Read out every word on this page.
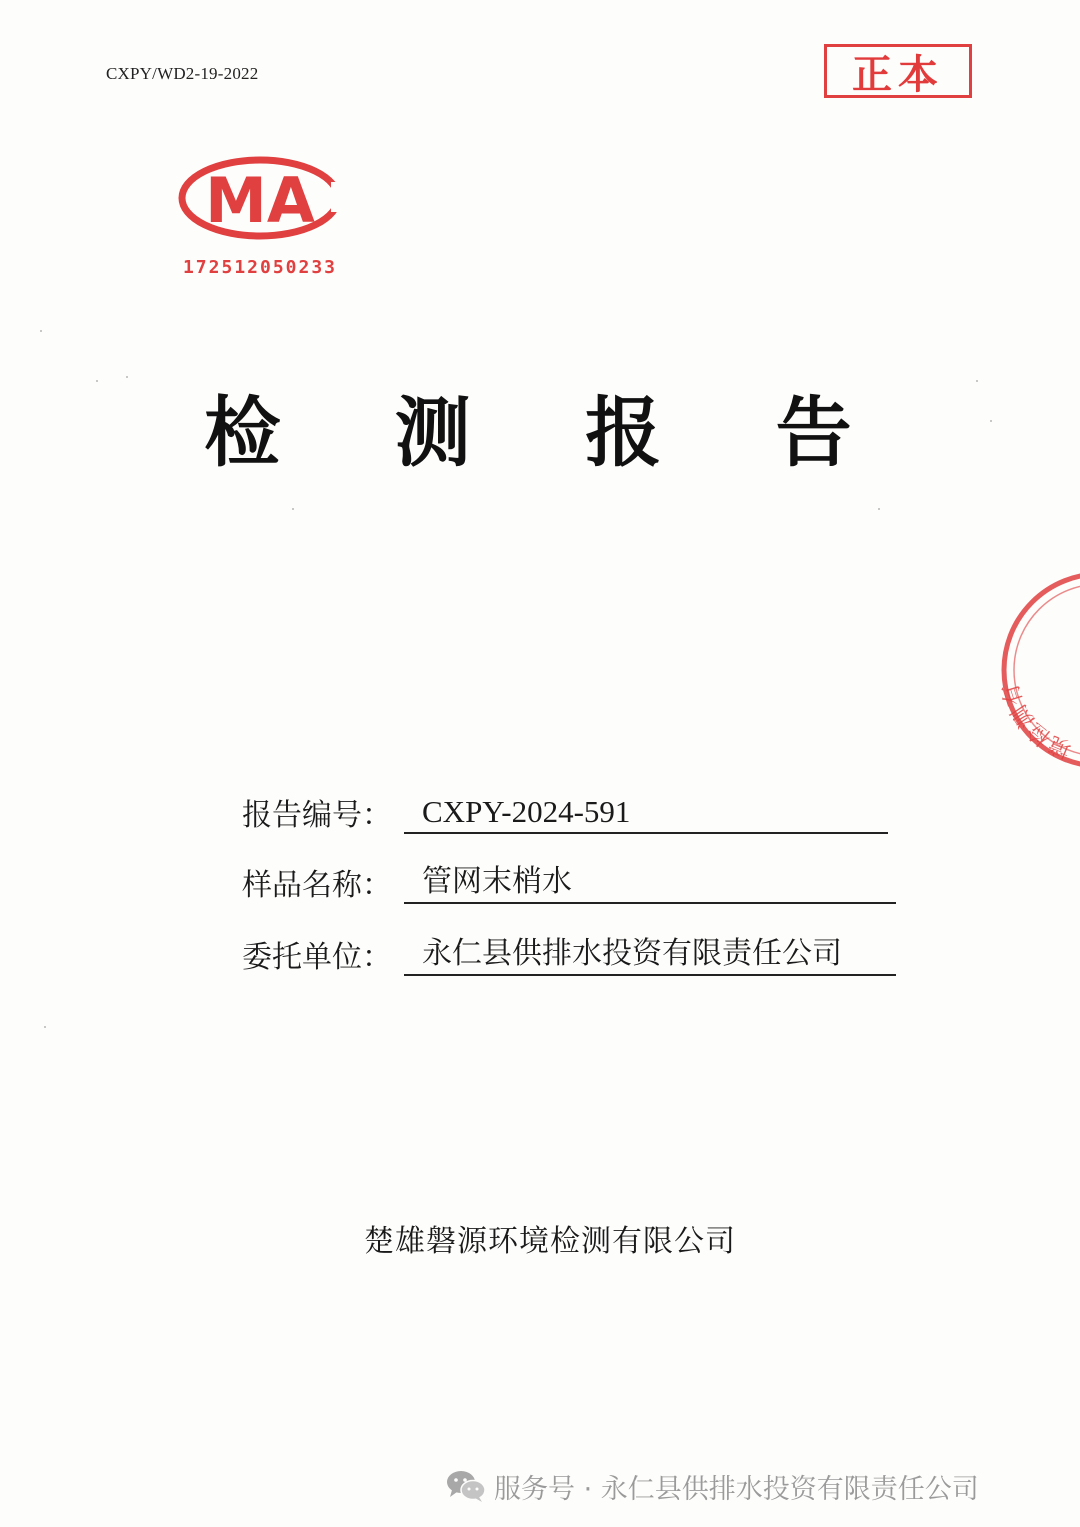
CXPY/WD2-19-2022	正本
MA
172512050233
检 测 报 告
境检测有
报告编号： CXPY-2024-591
样品名称：	管网末梢水
委托单位：	永仁县供排水投资有限责任公司
楚雄磐源环境检测有限公司
服务号 · 永仁县供排水投资有限责任公司
